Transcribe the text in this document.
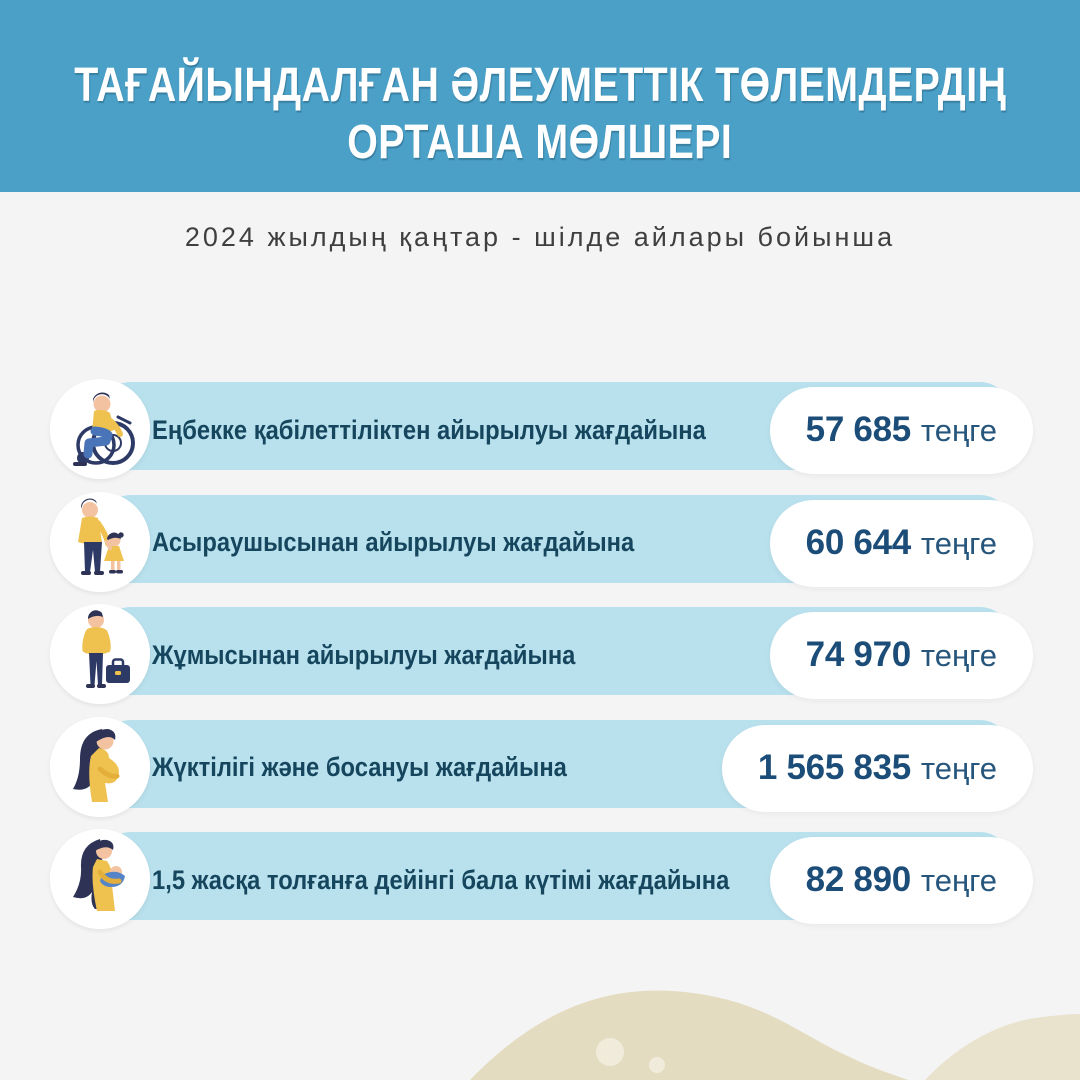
ТАҒАЙЫНДАЛҒАН ӘЛЕУМЕТТІК ТӨЛЕМДЕРДІҢ
ОРТАША МӨЛШЕРІ
2024 жылдың қаңтар - шілде айлары бойынша
Еңбекке қабілеттіліктен айырылуы жағдайына	57 685 теңге
Асыраушысынан айырылуы жағдайына	60 644 теңге
Жұмысынан айырылуы жағдайына	74 970 теңге
Жүктілігі және босануы жағдайына	1 565 835 теңге
1,5 жасқа толғанға дейінгі бала күтімі жағдайына	82 890 теңге
